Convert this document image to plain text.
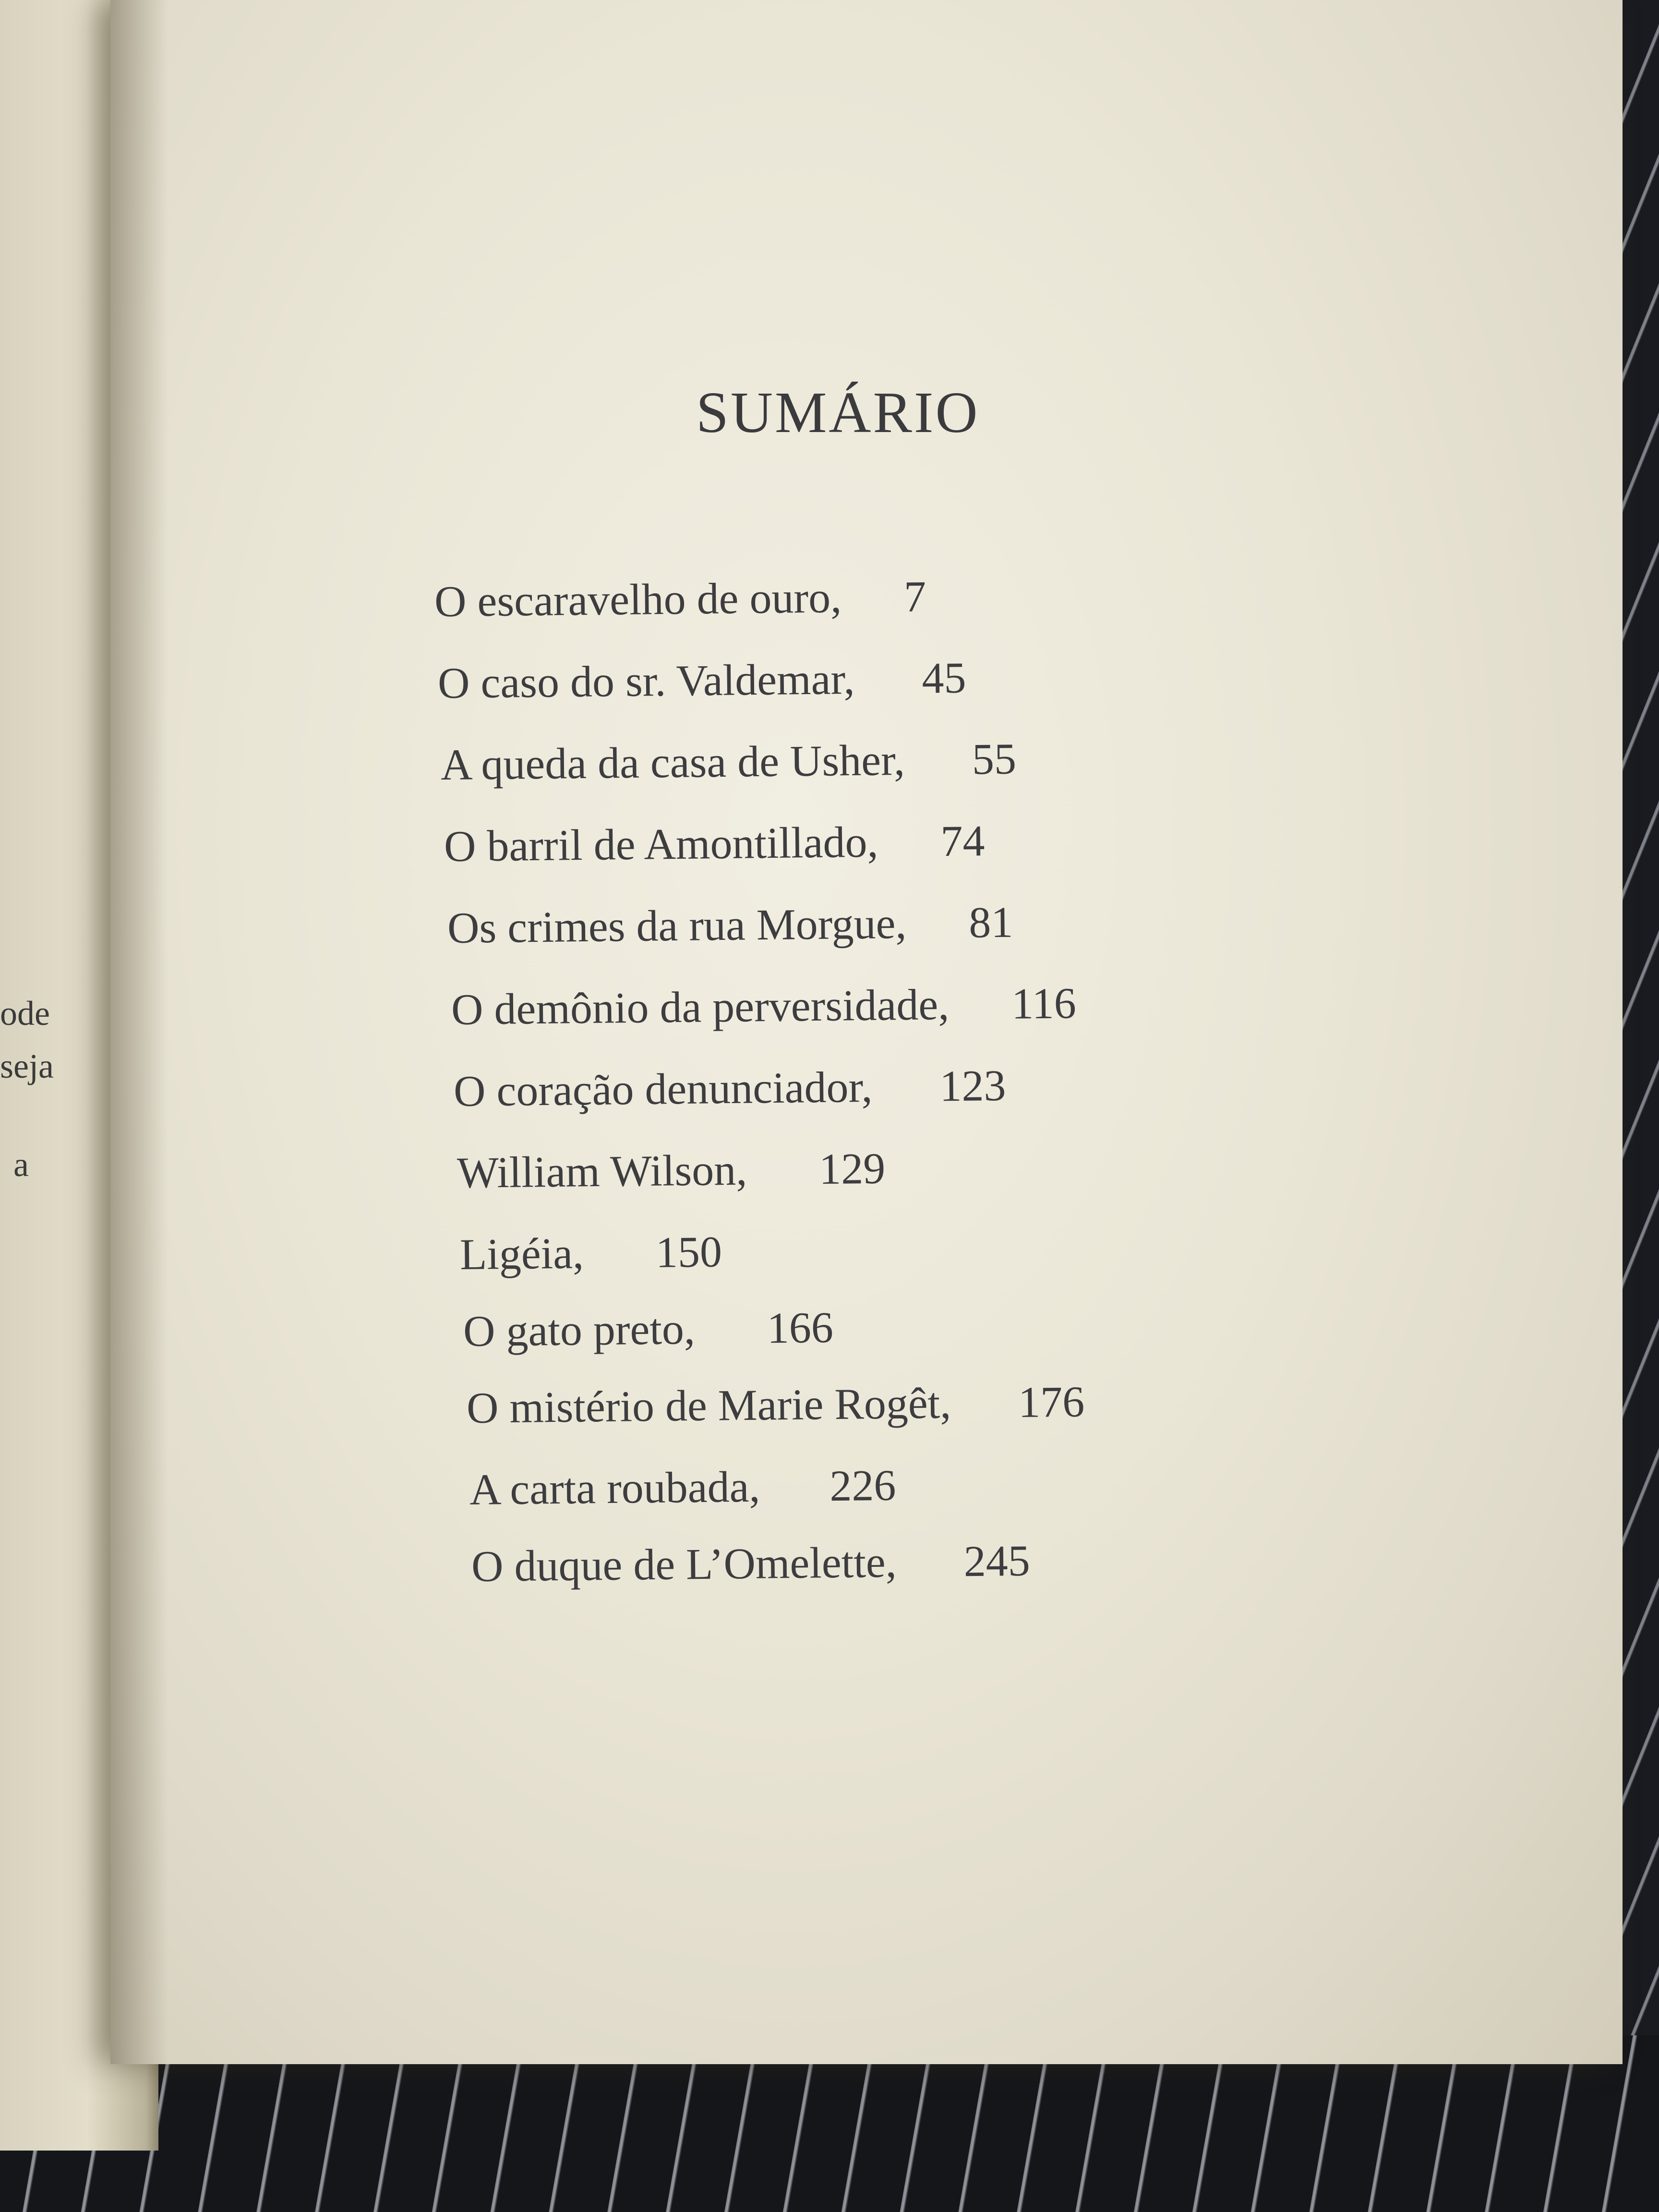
ode
seja
a
SUMÁRIO
O escaravelho de ouro, 7
O caso do sr. Valdemar, 45
A queda da casa de Usher, 55
O barril de Amontillado, 74
Os crimes da rua Morgue, 81
O demônio da perversidade, 116
O coração denunciador, 123
William Wilson, 129
Ligéia, 150
O gato preto, 166
O mistério de Marie Rogêt, 176
A carta roubada, 226
O duque de L’Omelette, 245
